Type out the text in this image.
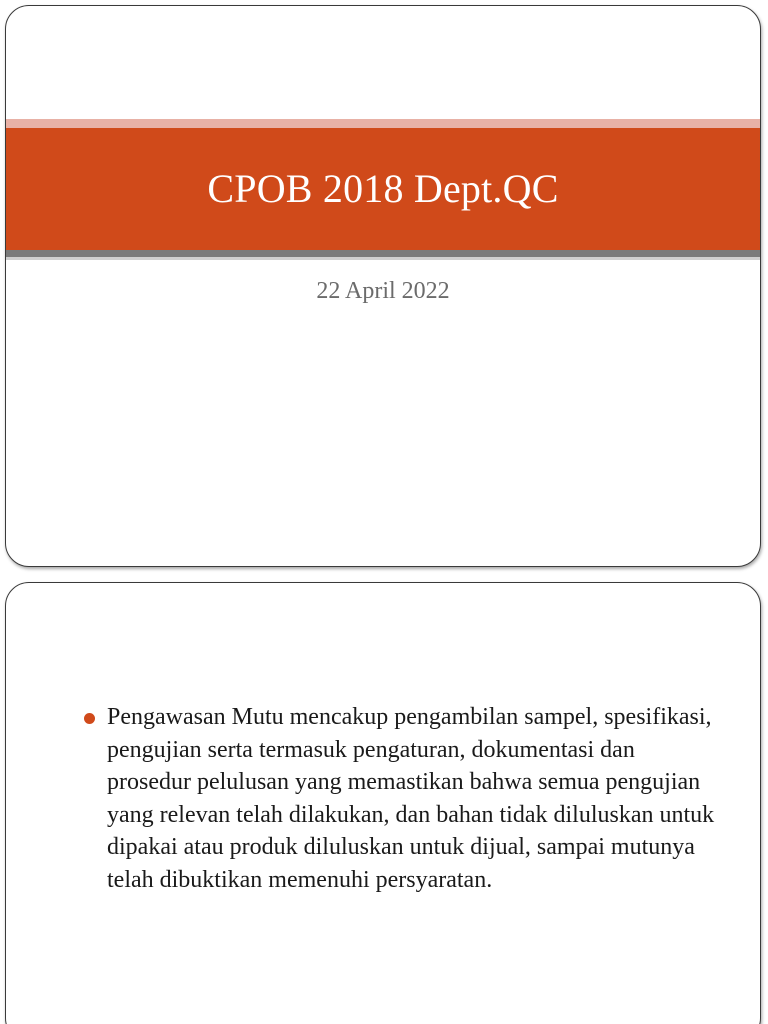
CPOB 2018 Dept.QC
22 April 2022
Pengawasan Mutu mencakup pengambilan sampel, spesifikasi, pengujian serta termasuk pengaturan, dokumentasi dan prosedur pelulusan yang memastikan bahwa semua pengujian yang relevan telah dilakukan, dan bahan tidak diluluskan untuk dipakai atau produk diluluskan untuk dijual, sampai mutunya telah dibuktikan memenuhi persyaratan.
